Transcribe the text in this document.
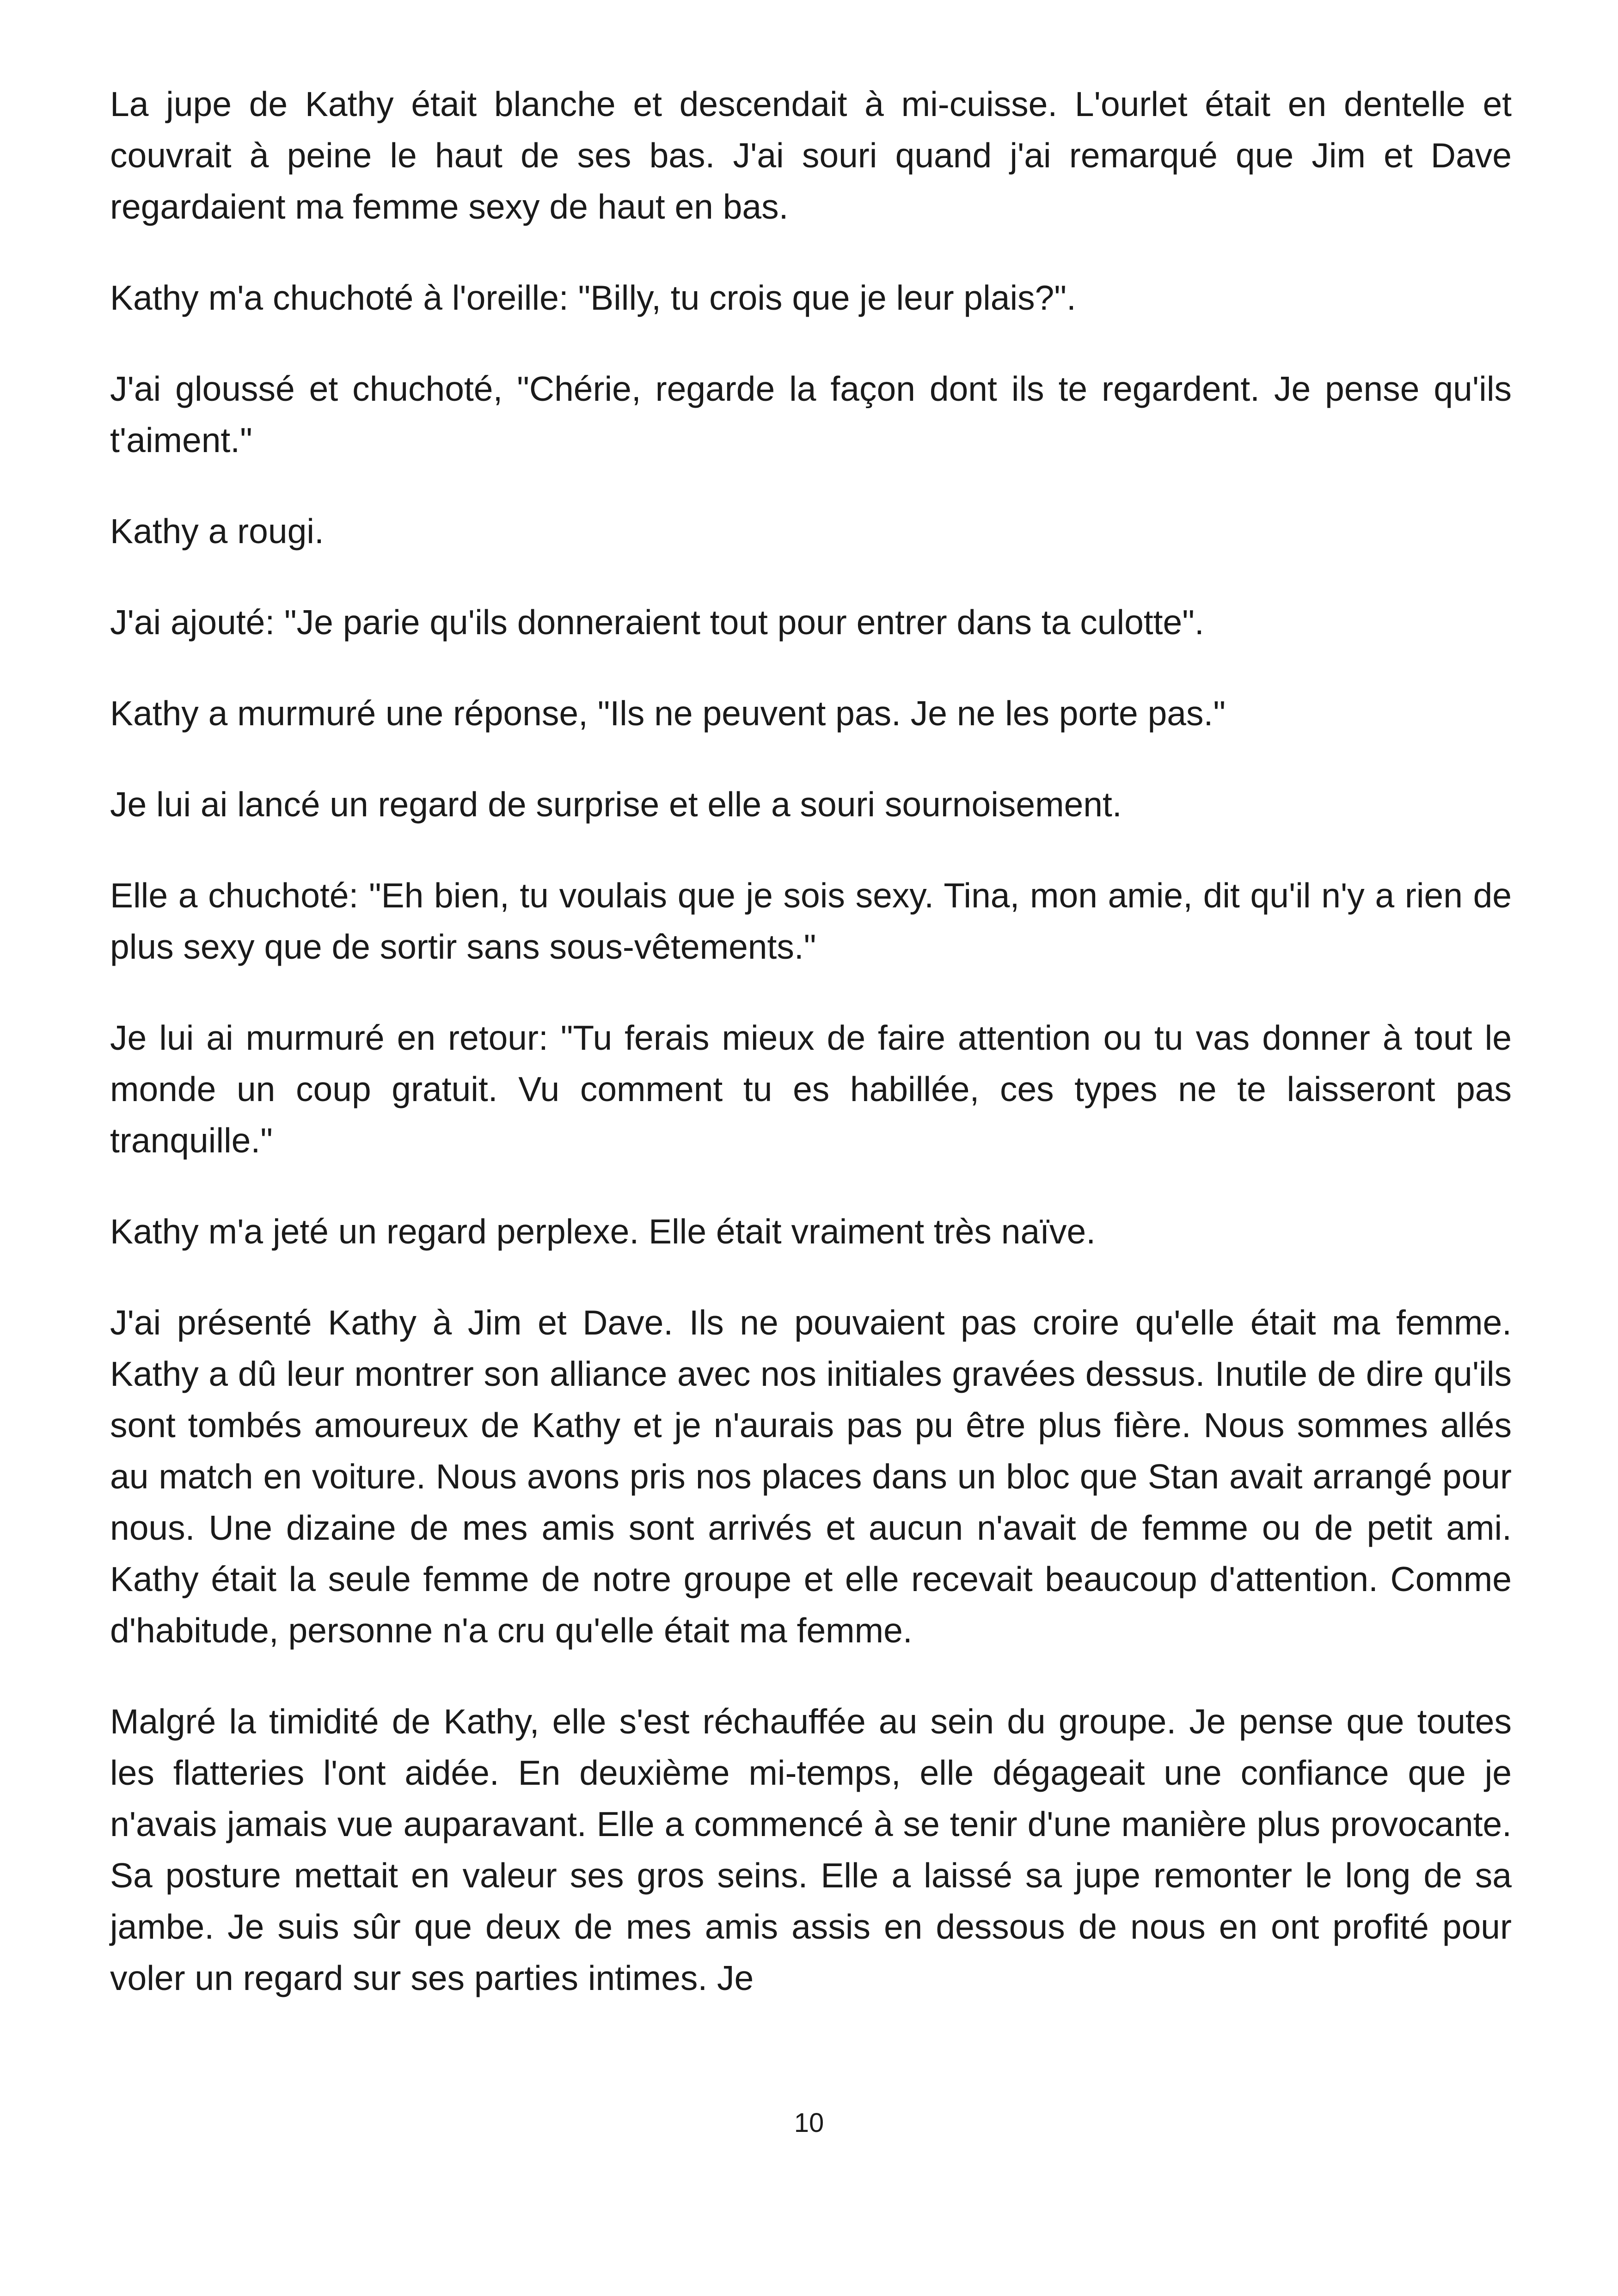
La jupe de Kathy était blanche et descendait à mi-cuisse. L'ourlet était en dentelle et couvrait à peine le haut de ses bas. J'ai souri quand j'ai remarqué que Jim et Dave regardaient ma femme sexy de haut en bas.

Kathy m'a chuchoté à l'oreille: "Billy, tu crois que je leur plais?".

J'ai gloussé et chuchoté, "Chérie, regarde la façon dont ils te regardent. Je pense qu'ils t'aiment."

Kathy a rougi.

J'ai ajouté: "Je parie qu'ils donneraient tout pour entrer dans ta culotte".

Kathy a murmuré une réponse, "Ils ne peuvent pas. Je ne les porte pas."

Je lui ai lancé un regard de surprise et elle a souri sournoisement.

Elle a chuchoté: "Eh bien, tu voulais que je sois sexy. Tina, mon amie, dit qu'il n'y a rien de plus sexy que de sortir sans sous-vêtements."

Je lui ai murmuré en retour: "Tu ferais mieux de faire attention ou tu vas donner à tout le monde un coup gratuit. Vu comment tu es habillée, ces types ne te laisseront pas tranquille."

Kathy m'a jeté un regard perplexe. Elle était vraiment très naïve.

J'ai présenté Kathy à Jim et Dave. Ils ne pouvaient pas croire qu'elle était ma femme. Kathy a dû leur montrer son alliance avec nos initiales gravées dessus. Inutile de dire qu'ils sont tombés amoureux de Kathy et je n'aurais pas pu être plus fière. Nous sommes allés au match en voiture. Nous avons pris nos places dans un bloc que Stan avait arrangé pour nous. Une dizaine de mes amis sont arrivés et aucun n'avait de femme ou de petit ami. Kathy était la seule femme de notre groupe et elle recevait beaucoup d'attention. Comme d'habitude, personne n'a cru qu'elle était ma femme.

Malgré la timidité de Kathy, elle s'est réchauffée au sein du groupe. Je pense que toutes les flatteries l'ont aidée. En deuxième mi-temps, elle dégageait une confiance que je n'avais jamais vue auparavant. Elle a commencé à se tenir d'une manière plus provocante. Sa posture mettait en valeur ses gros seins. Elle a laissé sa jupe remonter le long de sa jambe. Je suis sûr que deux de mes amis assis en dessous de nous en ont profité pour voler un regard sur ses parties intimes. Je

10
